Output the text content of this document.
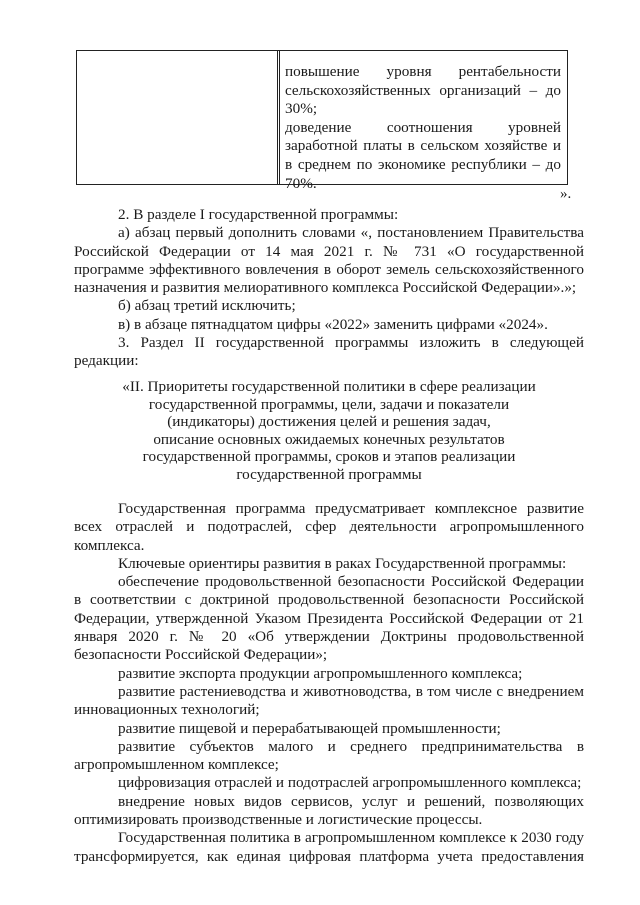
повышение уровня рентабельности
сельскохозяйственных организаций – до
30%;
доведение соотношения уровней
заработной платы в сельском хозяйстве и
в среднем по экономике республики – до
70%.
».

2. В разделе I государственной программы:

а) абзац первый дополнить словами «, постановлением Правительства Российской Федерации от 14 мая 2021 г. № 731 «О государственной программе эффективного вовлечения в оборот земель сельскохозяйственного назначения и развития мелиоративного комплекса Российской Федерации».»;

б) абзац третий исключить;

в) в абзаце пятнадцатом цифры «2022» заменить цифрами «2024».

3. Раздел II государственной программы изложить в следующей редакции:

«II. Приоритеты государственной политики в сфере реализации
государственной программы, цели, задачи и показатели
(индикаторы) достижения целей и решения задач,
описание основных ожидаемых конечных результатов
государственной программы, сроков и этапов реализации
государственной программы

Государственная программа предусматривает комплексное развитие всех отраслей и подотраслей, сфер деятельности агропромышленного комплекса.

Ключевые ориентиры развития в раках Государственной программы:

обеспечение продовольственной безопасности Российской Федерации в соответствии с доктриной продовольственной безопасности Российской Федерации, утвержденной Указом Президента Российской Федерации от 21 января 2020 г. № 20 «Об утверждении Доктрины продовольственной безопасности Российской Федерации»;

развитие экспорта продукции агропромышленного комплекса;

развитие растениеводства и животноводства, в том числе с внедрением инновационных технологий;

развитие пищевой и перерабатывающей промышленности;

развитие субъектов малого и среднего предпринимательства в агропромышленном комплексе;

цифровизация отраслей и подотраслей агропромышленного комплекса;

внедрение новых видов сервисов, услуг и решений, позволяющих оптимизировать производственные и логистические процессы.

Государственная политика в агропромышленном комплексе к 2030 году трансформируется, как единая цифровая платформа учета предоставления
